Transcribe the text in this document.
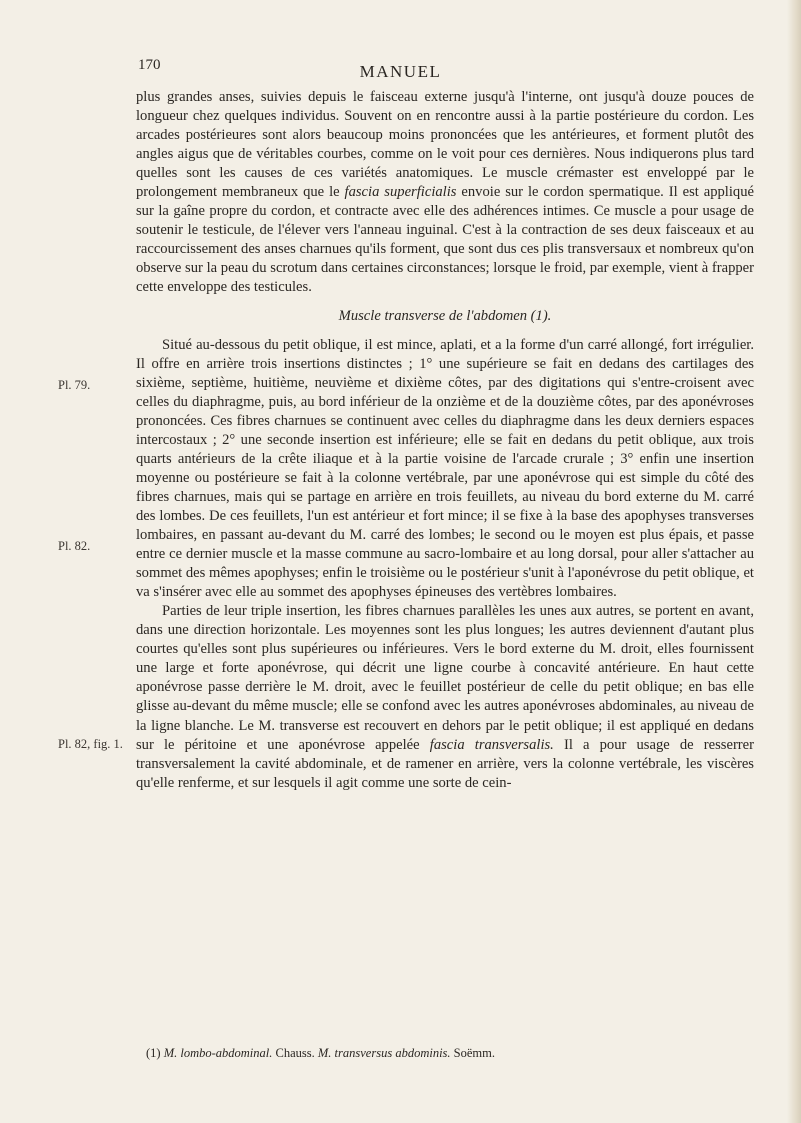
170	MANUEL
Pl. 79.
Pl. 82.
Pl. 82, fig. 1.

plus grandes anses, suivies depuis le faisceau externe jusqu'à l'interne, ont jusqu'à douze pouces de longueur chez quelques individus. Souvent on en rencontre aussi à la partie postérieure du cordon. Les arcades postérieures sont alors beaucoup moins prononcées que les antérieures, et forment plutôt des angles aigus que de véritables courbes, comme on le voit pour ces dernières. Nous indiquerons plus tard quelles sont les causes de ces variétés anatomiques. Le muscle crémaster est enveloppé par le prolongement membraneux que le fascia superficialis envoie sur le cordon spermatique. Il est appliqué sur la gaîne propre du cordon, et contracte avec elle des adhérences intimes. Ce muscle a pour usage de soutenir le testicule, de l'élever vers l'anneau inguinal. C'est à la contraction de ses deux faisceaux et au raccourcissement des anses charnues qu'ils forment, que sont dus ces plis transversaux et nombreux qu'on observe sur la peau du scrotum dans certaines circonstances; lorsque le froid, par exemple, vient à frapper cette enveloppe des testicules.

Muscle transverse de l'abdomen (1).

Situé au-dessous du petit oblique, il est mince, aplati, et a la forme d'un carré allongé, fort irrégulier. Il offre en arrière trois insertions distinctes ; 1° une supérieure se fait en dedans des cartilages des sixième, septième, huitième, neuvième et dixième côtes, par des digitations qui s'entre-croisent avec celles du diaphragme, puis, au bord inférieur de la onzième et de la douzième côtes, par des aponévroses prononcées. Ces fibres charnues se continuent avec celles du diaphragme dans les deux derniers espaces intercostaux ; 2° une seconde insertion est inférieure; elle se fait en dedans du petit oblique, aux trois quarts antérieurs de la crête iliaque et à la partie voisine de l'arcade crurale ; 3° enfin une insertion moyenne ou postérieure se fait à la colonne vertébrale, par une aponévrose qui est simple du côté des fibres charnues, mais qui se partage en arrière en trois feuillets, au niveau du bord externe du M. carré des lombes. De ces feuillets, l'un est antérieur et fort mince; il se fixe à la base des apophyses transverses lombaires, en passant au-devant du M. carré des lombes; le second ou le moyen est plus épais, et passe entre ce dernier muscle et la masse commune au sacro-lombaire et au long dorsal, pour aller s'attacher au sommet des mêmes apophyses; enfin le troisième ou le postérieur s'unit à l'aponévrose du petit oblique, et va s'insérer avec elle au sommet des apophyses épineuses des vertèbres lombaires.

Parties de leur triple insertion, les fibres charnues parallèles les unes aux autres, se portent en avant, dans une direction horizontale. Les moyennes sont les plus longues; les autres deviennent d'autant plus courtes qu'elles sont plus supérieures ou inférieures. Vers le bord externe du M. droit, elles fournissent une large et forte aponévrose, qui décrit une ligne courbe à concavité antérieure. En haut cette aponévrose passe derrière le M. droit, avec le feuillet postérieur de celle du petit oblique; en bas elle glisse au-devant du même muscle; elle se confond avec les autres aponévroses abdominales, au niveau de la ligne blanche. Le M. transverse est recouvert en dehors par le petit oblique; il est appliqué en dedans sur le péritoine et une aponévrose appelée fascia transversalis. Il a pour usage de resserrer transversalement la cavité abdominale, et de ramener en arrière, vers la colonne vertébrale, les viscères qu'elle renferme, et sur lesquels il agit comme une sorte de cein-

(1) M. lombo-abdominal. Chauss. M. transversus abdominis. Soëmm.
